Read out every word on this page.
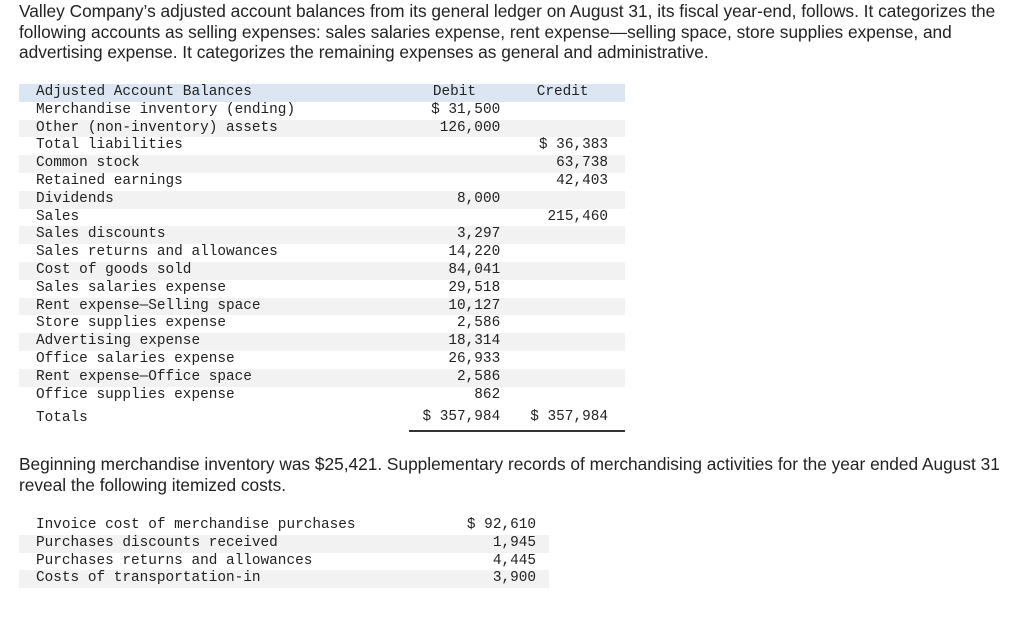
Valley Company’s adjusted account balances from its general ledger on August 31, its fiscal year-end, follows. It categorizes the following accounts as selling expenses: sales salaries expense, rent expense—selling space, store supplies expense, and advertising expense. It categorizes the remaining expenses as general and administrative.

Adjusted Account Balances	Debit	Credit
Merchandise inventory (ending)	$ 31,500	
Other (non-inventory) assets	126,000	
Total liabilities		$ 36,383
Common stock		63,738
Retained earnings		42,403
Dividends	8,000	
Sales		215,460
Sales discounts	3,297	
Sales returns and allowances	14,220	
Cost of goods sold	84,041	
Sales salaries expense	29,518	
Rent expense—Selling space	10,127	
Store supplies expense	2,586	
Advertising expense	18,314	
Office salaries expense	26,933	
Rent expense—Office space	2,586	
Office supplies expense	862	
Totals	$ 357,984	$ 357,984

Beginning merchandise inventory was $25,421. Supplementary records of merchandising activities for the year ended August 31 reveal the following itemized costs.

Invoice cost of merchandise purchases	$ 92,610
Purchases discounts received	1,945
Purchases returns and allowances	4,445
Costs of transportation-in	3,900
